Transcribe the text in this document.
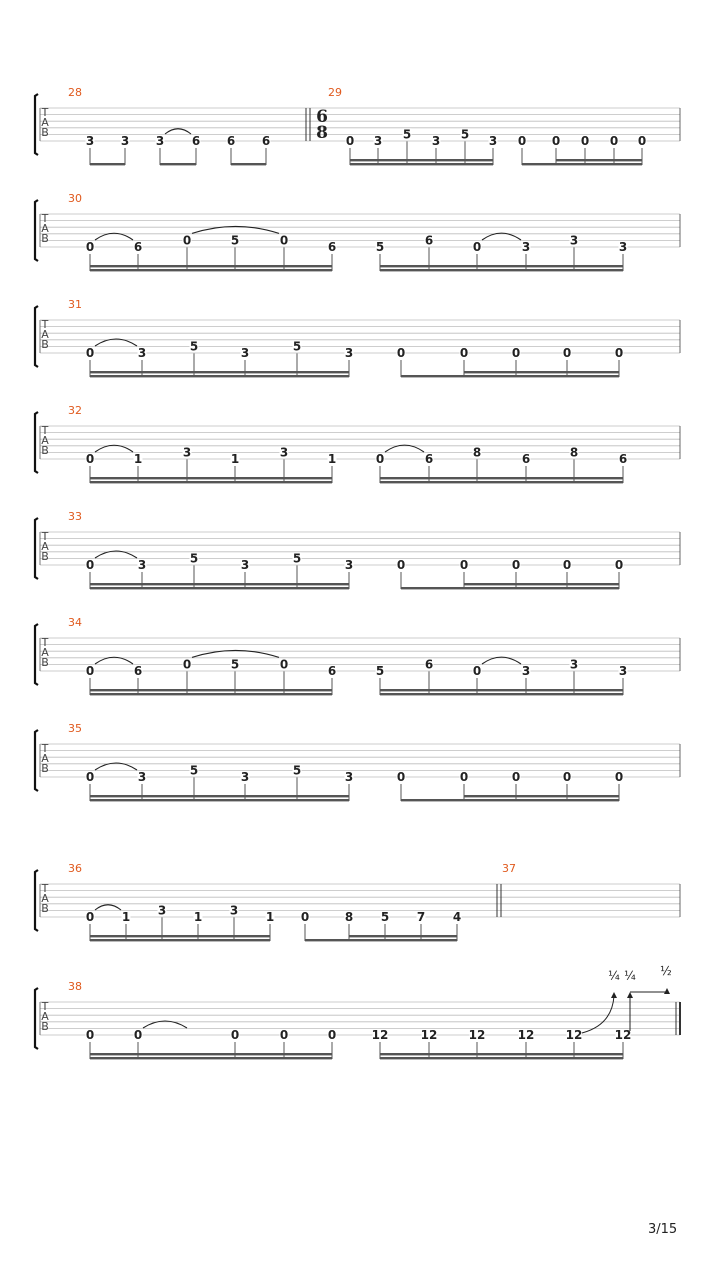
T
A
B
6
8
28
3 3 3 6 6 6
29
0 3 5 3 5 3 0 0 0 0 0
T
A
B
30
0	6	0	5	0	6	5	6	0	3	3	3
T
A
B
31
0	3	5	3	5	3	0	0	0	0	0
T
A
B
32
0	1	3	1	3	1	0	6	8	6	8	6
T
A
B
33
0	3	5	3	5	3	0	0	0	0	0
T
A
B
34
0	6	0	5	0	6	5	6	0	3	3	3
T
A
B
35
0	3	5	3	5	3	0	0	0	0	0
T
A
B
36
0 1 3 1 3 1 0	8 5 7 4
37
T
A
B
38
0	0	0	0	0	12	12	12	12	12	12
¼ ¼ ½
3/15
